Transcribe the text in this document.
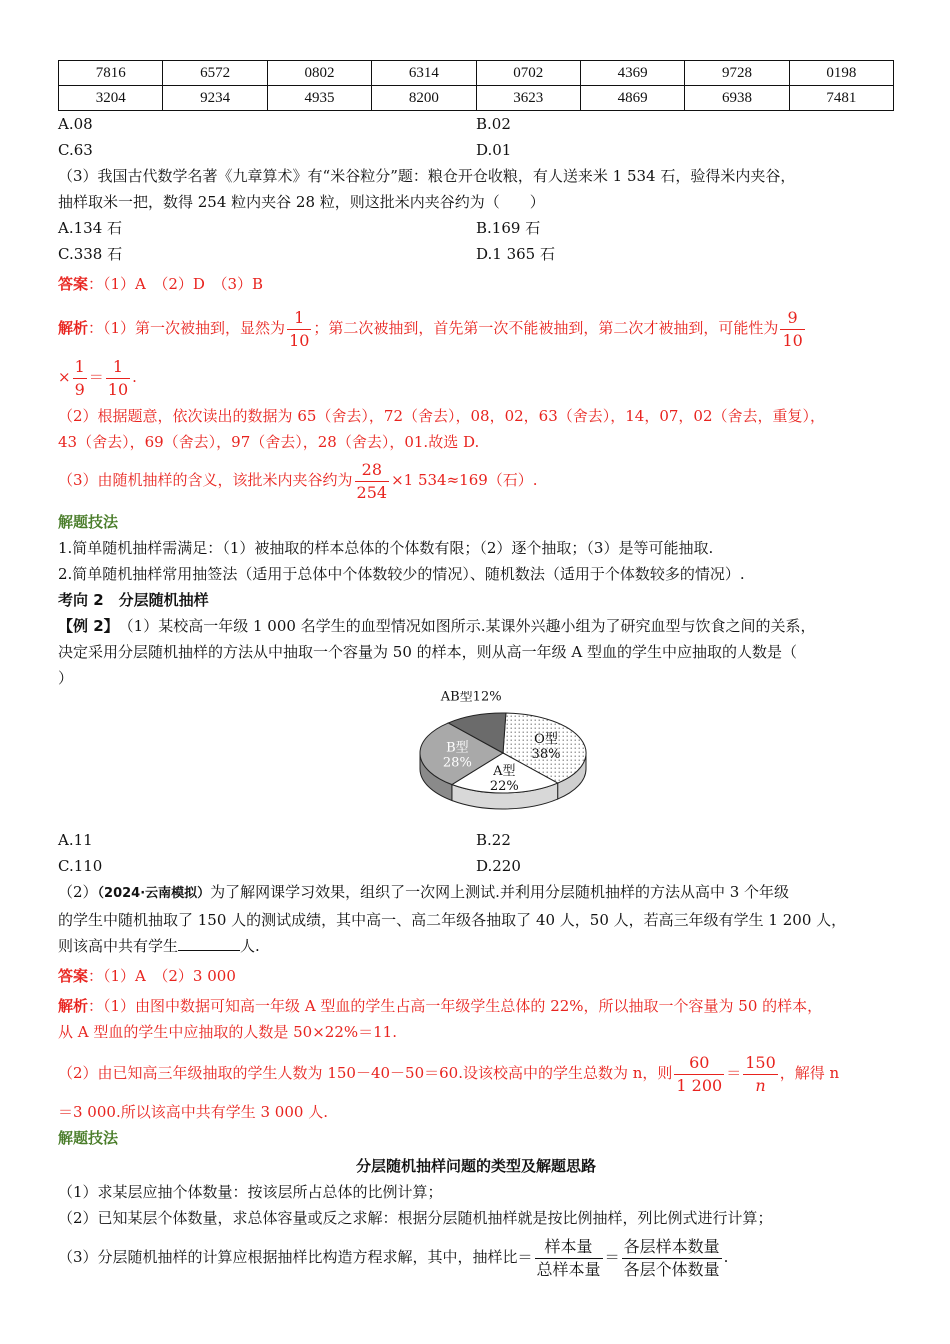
7816	6572	0802	6314	0702	4369	9728	0198
3204	9234	4935	8200	3623	4869	6938	7481
A.08	B.02
C.63	D.01

（3）我国古代数学名著《九章算术》有“米谷粒分”题：粮仓开仓收粮，有人送来米 1 534 石，验得米内夹谷，

抽样取米一把，数得 254 粒内夹谷 28 粒，则这批米内夹谷约为（　　）

A.134 石	B.169 石
C.338 石	D.1 365 石

答案：（1）A　（2）D　（3）B

解析：（1）第一次被抽到，显然为 $\frac{1}{10}$ ；第二次被抽到，首先第一次不能被抽到，第二次才被抽到，可能性为 $\frac{9}{10}$

× $\frac{1}{9} = \frac{1}{10}$ .

（2）根据题意，依次读出的数据为 65（舍去），72（舍去），08，02，63（舍去），14，07，02（舍去，重复），

43（舍去），69（舍去），97（舍去），28（舍去），01.故选 D.

（3）由随机抽样的含义，该批米内夹谷约为 $\frac{28}{254} \times 1$ 534≈169（石）.

解题技法

1.简单随机抽样需满足：（1）被抽取的样本总体的个体数有限；（2）逐个抽取；（3）是等可能抽取.

2.简单随机抽样常用抽签法（适用于总体中个体数较少的情况）、随机数法（适用于个体数较多的情况）.

考向 2　分层随机抽样

【例 2】　（1）某校高一年级 1 000 名学生的血型情况如图所示.某课外兴趣小组为了研究血型与饮食之间的关系，

决定采用分层随机抽样的方法从中抽取一个容量为 50 的样本，则从高一年级 A 型血的学生中应抽取的人数是（

）

O型
38%
A型
22%
B型
28%
AB型12%
A.11	B.22
C.110	D.220

（2）（2024·云南模拟）为了解网课学习效果，组织了一次网上测试.并利用分层随机抽样的方法从高中 3 个年级

的学生中随机抽取了 150 人的测试成绩，其中高一、高二年级各抽取了 40 人，50 人，若高三年级有学生 1 200 人，

则该高中共有学生	人.

答案：（1）A　（2）3 000

解析：（1）由图中数据可知高一年级 A 型血的学生占高一年级学生总体的 22%，所以抽取一个容量为 50 的样本，

从 A 型血的学生中应抽取的人数是 50×22%＝11.

（2）由已知高三年级抽取的学生人数为 150－40－50＝60.设该校高中的学生总数为 n，则 $\frac{60}{1 200} = \frac{150}{n}$ ，解得 n

＝3 000.所以该高中共有学生 3 000 人.

解题技法

分层随机抽样问题的类型及解题思路

（1）求某层应抽个体数量：按该层所占总体的比例计算；

（2）已知某层个体数量，求总体容量或反之求解：根据分层随机抽样就是按比例抽样，列比例式进行计算；

（3）分层随机抽样的计算应根据抽样比构造方程求解，其中，抽样比＝ $\frac{\text{样本量}}{\text{总样本量}} = \frac{\text{各层样本数量}}{\text{各层个体数量}}$ .
